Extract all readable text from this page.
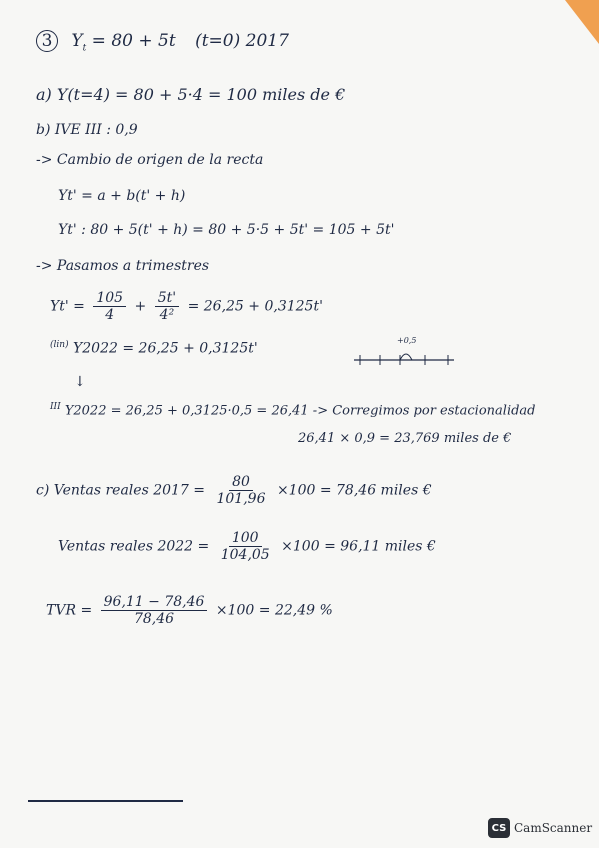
3 $Y_t = 80 + 5t$ (t=0) 2017
a) Y(t=4) = 80 + 5·4 = 100 miles de €
b) IVE III : 0,9
-> Cambio de origen de la recta
Yt' = a + b(t' + h)
Yt' : 80 + 5(t' + h) = 80 + 5·5 + 5t' = 105 + 5t'
-> Pasamos a trimestres
$Yt' = \frac{105}{4} + \frac{5t'}{\text{4²}} = 26,25 + 0,3125t'$
$^{(lin)}$ Y2022 = 26,25 + 0,3125t'
+0,5
↓
$^{III}$ Y2022 = 26,25 + 0,3125·0,5 = 26,41 -> Corregimos por estacionalidad
26,41 × 0,9 = 23,769 miles de €
c) Ventas reales $2017 = \frac{80}{101,96} \times 100 = 78,46$ miles €
Ventas reales $2022 = \frac{100}{104,05} \times 100 = 96,11$ miles €
TVR = $\frac{96,11 - 78,46}{78,46} \times 100 = 22,49$ %
CS CamScanner
